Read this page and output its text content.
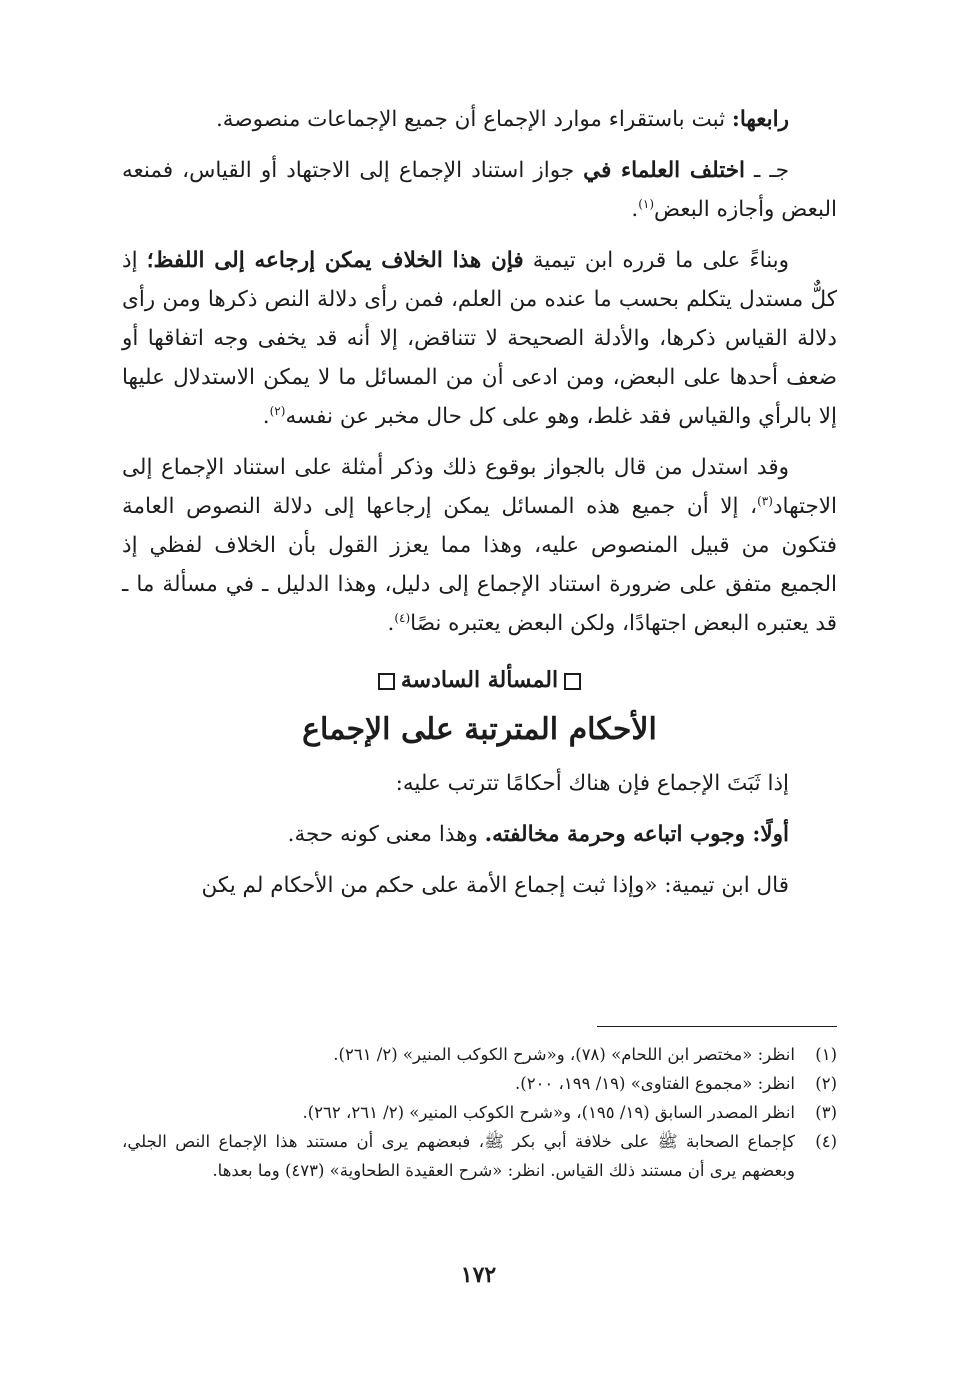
رابعها: ثبت باستقراء موارد الإجماع أن جميع الإجماعات منصوصة.

جـ ـ اختلف العلماء في جواز استناد الإجماع إلى الاجتهاد أو القياس، فمنعه البعض وأجازه البعض$^{(١)}$.

وبناءً على ما قرره ابن تيمية فإن هذا الخلاف يمكن إرجاعه إلى اللفظ؛ إذ كلٌّ مستدل يتكلم بحسب ما عنده من العلم، فمن رأى دلالة النص ذكرها ومن رأى دلالة القياس ذكرها، والأدلة الصحيحة لا تتناقض، إلا أنه قد يخفى وجه اتفاقها أو ضعف أحدها على البعض، ومن ادعى أن من المسائل ما لا يمكن الاستدلال عليها إلا بالرأي والقياس فقد غلط، وهو على كل حال مخبر عن نفسه$^{(٢)}$.

وقد استدل من قال بالجواز بوقوع ذلك وذكر أمثلة على استناد الإجماع إلى الاجتهاد$^{(٣)}$، إلا أن جميع هذه المسائل يمكن إرجاعها إلى دلالة النصوص العامة فتكون من قبيل المنصوص عليه، وهذا مما يعزز القول بأن الخلاف لفظي إذ الجميع متفق على ضرورة استناد الإجماع إلى دليل، وهذا الدليل ـ في مسألة ما ـ قد يعتبره البعض اجتهادًا، ولكن البعض يعتبره نصًا$^{(٤)}$.

المسألة السادسة
الأحكام المترتبة على الإجماع

إذا ثَبَتَ الإجماع فإن هناك أحكامًا تترتب عليه:

أولًا: وجوب اتباعه وحرمة مخالفته. وهذا معنى كونه حجة.

قال ابن تيمية: «وإذا ثبت إجماع الأمة على حكم من الأحكام لم يكن

(١)
انظر: «مختصر ابن اللحام» (٧٨)، و«شرح الكوكب المنير» (٢/ ٢٦١).
(٢)
انظر: «مجموع الفتاوى» (١٩/ ١٩٩، ٢٠٠).
(٣)
انظر المصدر السابق (١٩/ ١٩٥)، و«شرح الكوكب المنير» (٢/ ٢٦١، ٢٦٢).
(٤)
كإجماع الصحابة ﷺ على خلافة أبي بكر ﷺ، فبعضهم يرى أن مستند هذا الإجماع النص الجلي، وبعضهم يرى أن مستند ذلك القياس. انظر: «شرح العقيدة الطحاوية» (٤٧٣) وما بعدها.
١٧٢
